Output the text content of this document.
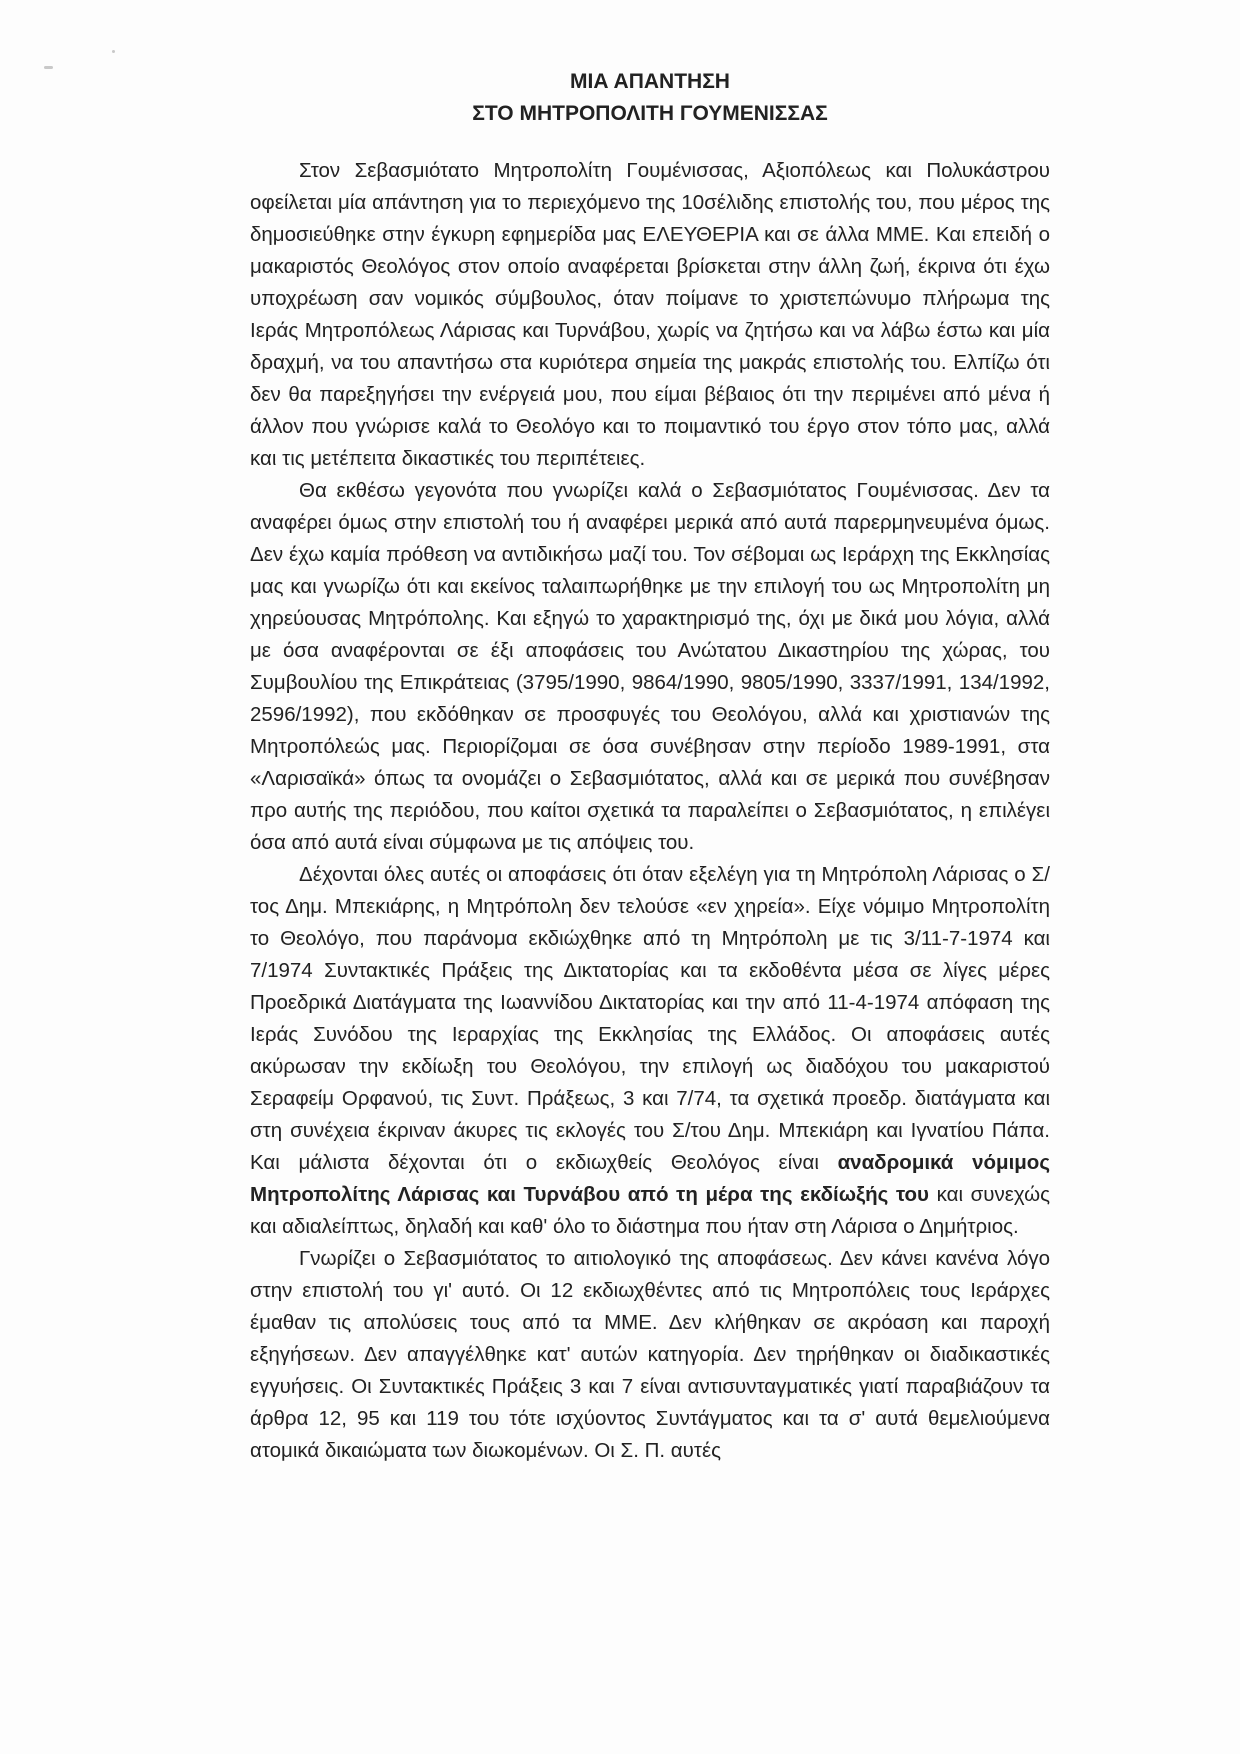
ΜΙΑ ΑΠΑΝΤΗΣΗ
ΣΤΟ ΜΗΤΡΟΠΟΛΙΤΗ ΓΟΥΜΕΝΙΣΣΑΣ

Στον Σεβασμιότατο Μητροπολίτη Γουμένισσας, Αξιοπόλεως και Πολυκάστρου οφείλεται μία απάντηση για το περιεχόμενο της 10σέλιδης επιστολής του, που μέρος της δημοσιεύθηκε στην έγκυρη εφημερίδα μας ΕΛΕΥΘΕΡΙΑ και σε άλλα ΜΜΕ. Και επειδή ο μακαριστός Θεολόγος στον οποίο αναφέρεται βρίσκεται στην άλλη ζωή, έκρινα ότι έχω υποχρέωση σαν νομικός σύμβουλος, όταν ποίμανε το χριστεπώνυμο πλήρωμα της Ιεράς Μητροπόλεως Λάρισας και Τυρνάβου, χωρίς να ζητήσω και να λάβω έστω και μία δραχμή, να του απαντήσω στα κυριότερα σημεία της μακράς επιστολής του. Ελπίζω ότι δεν θα παρεξηγήσει την ενέργειά μου, που είμαι βέβαιος ότι την περιμένει από μένα ή άλλον που γνώρισε καλά το Θεολόγο και το ποιμαντικό του έργο στον τόπο μας, αλλά και τις μετέπειτα δικαστικές του περιπέτειες.

Θα εκθέσω γεγονότα που γνωρίζει καλά ο Σεβασμιότατος Γουμένισσας. Δεν τα αναφέρει όμως στην επιστολή του ή αναφέρει μερικά από αυτά παρερμηνευμένα όμως. Δεν έχω καμία πρόθεση να αντιδικήσω μαζί του. Τον σέβομαι ως Ιεράρχη της Εκκλησίας μας και γνωρίζω ότι και εκείνος ταλαιπωρήθηκε με την επιλογή του ως Μητροπολίτη μη χηρεύουσας Μητρόπολης. Και εξηγώ το χαρακτηρισμό της, όχι με δικά μου λόγια, αλλά με όσα αναφέρονται σε έξι αποφάσεις του Ανώτατου Δικαστηρίου της χώρας, του Συμβουλίου της Επικράτειας (3795/1990, 9864/1990, 9805/1990, 3337/1991, 134/1992, 2596/1992), που εκδόθηκαν σε προσφυγές του Θεολόγου, αλλά και χριστιανών της Μητροπόλεώς μας. Περιορίζομαι σε όσα συνέβησαν στην περίοδο 1989-1991, στα «Λαρισαϊκά» όπως τα ονομάζει ο Σεβασμιότατος, αλλά και σε μερικά που συνέβησαν προ αυτής της περιόδου, που καίτοι σχετικά τα παραλείπει ο Σεβασμιότατος, η επιλέγει όσα από αυτά είναι σύμφωνα με τις απόψεις του.

Δέχονται όλες αυτές οι αποφάσεις ότι όταν εξελέγη για τη Μητρόπολη Λάρισας ο Σ/τος Δημ. Μπεκιάρης, η Μητρόπολη δεν τελούσε «εν χηρεία». Είχε νόμιμο Μητροπολίτη το Θεολόγο, που παράνομα εκδιώχθηκε από τη Μητρόπολη με τις 3/11-7-1974 και 7/1974 Συντακτικές Πράξεις της Δικτατορίας και τα εκδοθέντα μέσα σε λίγες μέρες Προεδρικά Διατάγματα της Ιωαννίδου Δικτατορίας και την από 11-4-1974 απόφαση της Ιεράς Συνόδου της Ιεραρχίας της Εκκλησίας της Ελλάδος. Οι αποφάσεις αυτές ακύρωσαν την εκδίωξη του Θεολόγου, την επιλογή ως διαδόχου του μακαριστού Σεραφείμ Ορφανού, τις Συντ. Πράξεως, 3 και 7/74, τα σχετικά προεδρ. διατάγματα και στη συνέχεια έκριναν άκυρες τις εκλογές του Σ/του Δημ. Μπεκιάρη και Ιγνατίου Πάπα. Και μάλιστα δέχονται ότι ο εκδιωχθείς Θεολόγος είναι αναδρομικά νόμιμος Μητροπολίτης Λάρισας και Τυρνάβου από τη μέρα της εκδίωξής του και συνεχώς και αδιαλείπτως, δηλαδή και καθ' όλο το διάστημα που ήταν στη Λάρισα ο Δημήτριος.

Γνωρίζει ο Σεβασμιότατος το αιτιολογικό της αποφάσεως. Δεν κάνει κανένα λόγο στην επιστολή του γι' αυτό. Οι 12 εκδιωχθέντες από τις Μητροπόλεις τους Ιεράρχες έμαθαν τις απολύσεις τους από τα ΜΜΕ. Δεν κλήθηκαν σε ακρόαση και παροχή εξηγήσεων. Δεν απαγγέλθηκε κατ' αυτών κατηγορία. Δεν τηρήθηκαν οι διαδικαστικές εγγυήσεις. Οι Συντακτικές Πράξεις 3 και 7 είναι αντισυνταγματικές γιατί παραβιάζουν τα άρθρα 12, 95 και 119 του τότε ισχύοντος Συντάγματος και τα σ' αυτά θεμελιούμενα ατομικά δικαιώματα των διωκομένων. Οι Σ. Π. αυτές
